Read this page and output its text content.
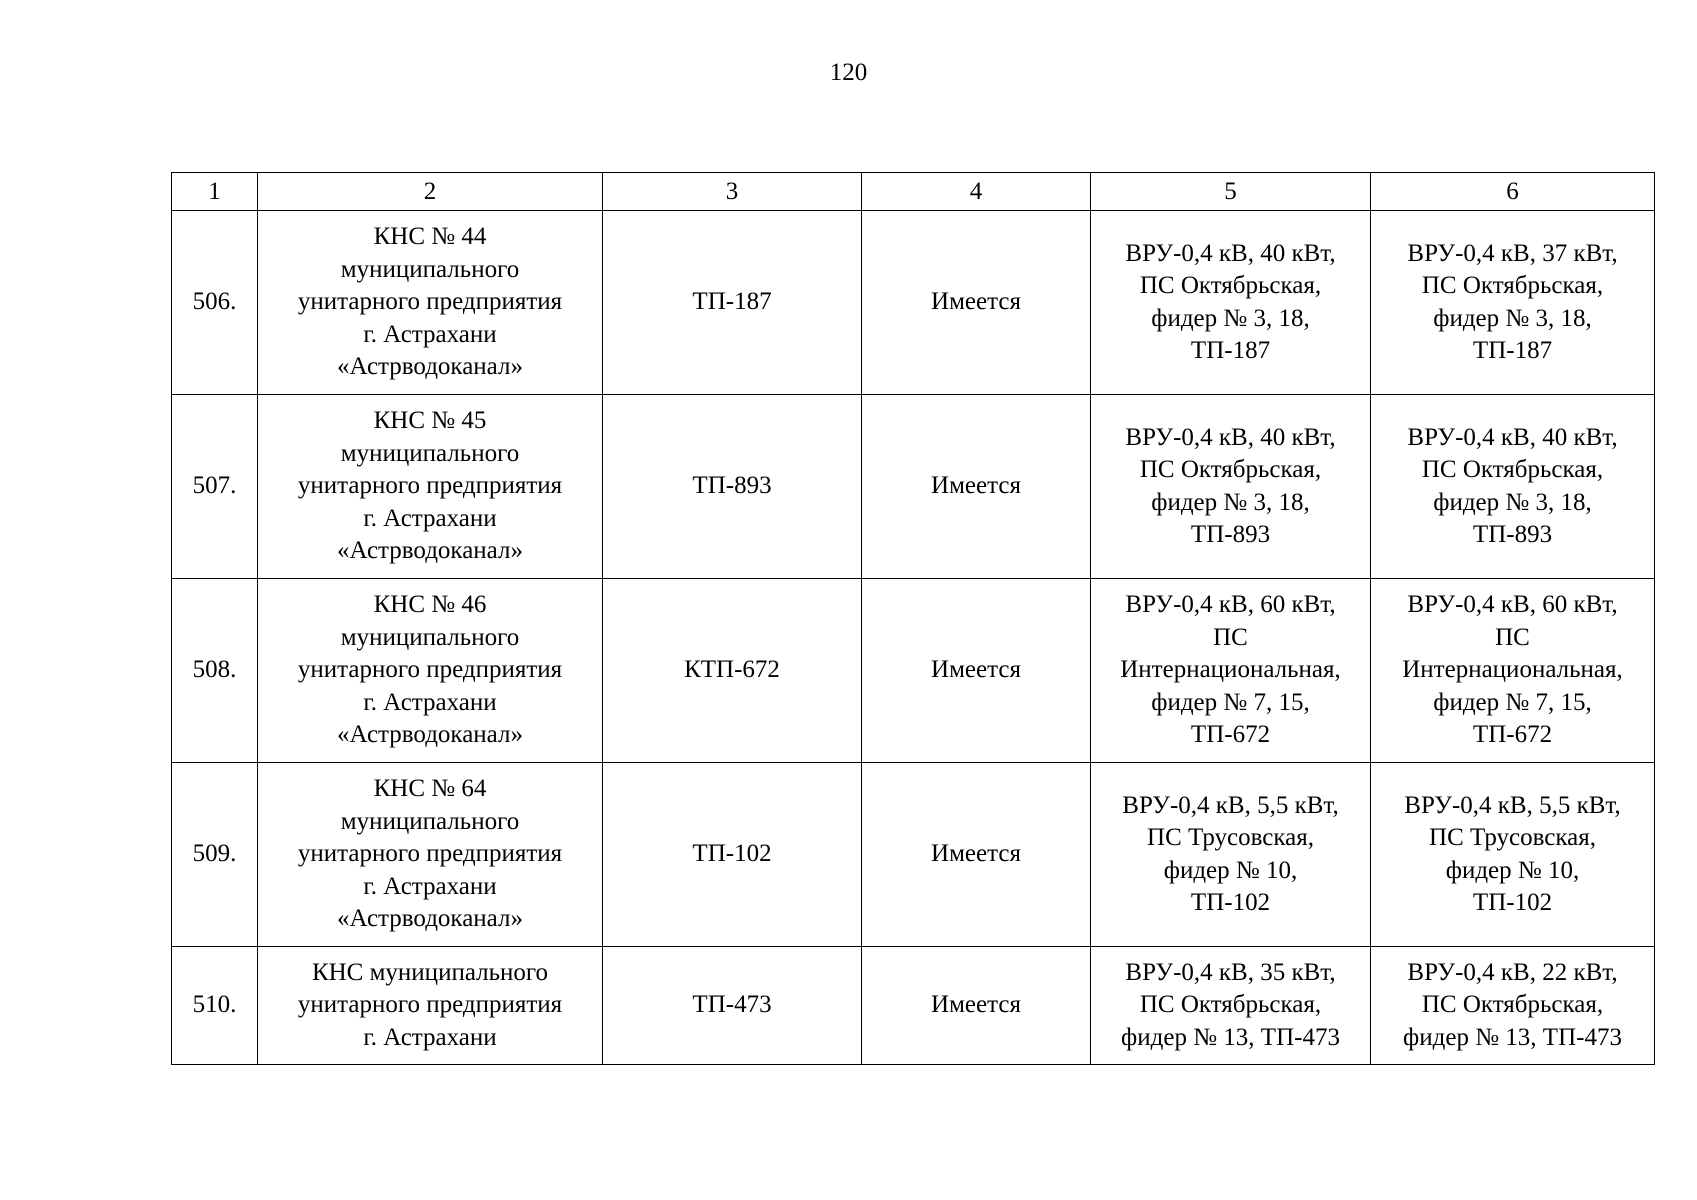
120
1	2	3	4	5	6
506.	КНС № 44
муниципального
унитарного предприятия
г. Астрахани
«Астрводоканал»	ТП-187	Имеется	ВРУ-0,4 кВ, 40 кВт,
ПС Октябрьская,
фидер № 3, 18,
ТП-187	ВРУ-0,4 кВ, 37 кВт,
ПС Октябрьская,
фидер № 3, 18,
ТП-187
507.	КНС № 45
муниципального
унитарного предприятия
г. Астрахани
«Астрводоканал»	ТП-893	Имеется	ВРУ-0,4 кВ, 40 кВт,
ПС Октябрьская,
фидер № 3, 18,
ТП-893	ВРУ-0,4 кВ, 40 кВт,
ПС Октябрьская,
фидер № 3, 18,
ТП-893
508.	КНС № 46
муниципального
унитарного предприятия
г. Астрахани
«Астрводоканал»	КТП-672	Имеется	ВРУ-0,4 кВ, 60 кВт,
ПС
Интернациональная,
фидер № 7, 15,
ТП-672	ВРУ-0,4 кВ, 60 кВт,
ПС
Интернациональная,
фидер № 7, 15,
ТП-672
509.	КНС № 64
муниципального
унитарного предприятия
г. Астрахани
«Астрводоканал»	ТП-102	Имеется	ВРУ-0,4 кВ, 5,5 кВт,
ПС Трусовская,
фидер № 10,
ТП-102	ВРУ-0,4 кВ, 5,5 кВт,
ПС Трусовская,
фидер № 10,
ТП-102
510.	КНС муниципального
унитарного предприятия
г. Астрахани	ТП-473	Имеется	ВРУ-0,4 кВ, 35 кВт,
ПС Октябрьская,
фидер № 13, ТП-473	ВРУ-0,4 кВ, 22 кВт,
ПС Октябрьская,
фидер № 13, ТП-473
